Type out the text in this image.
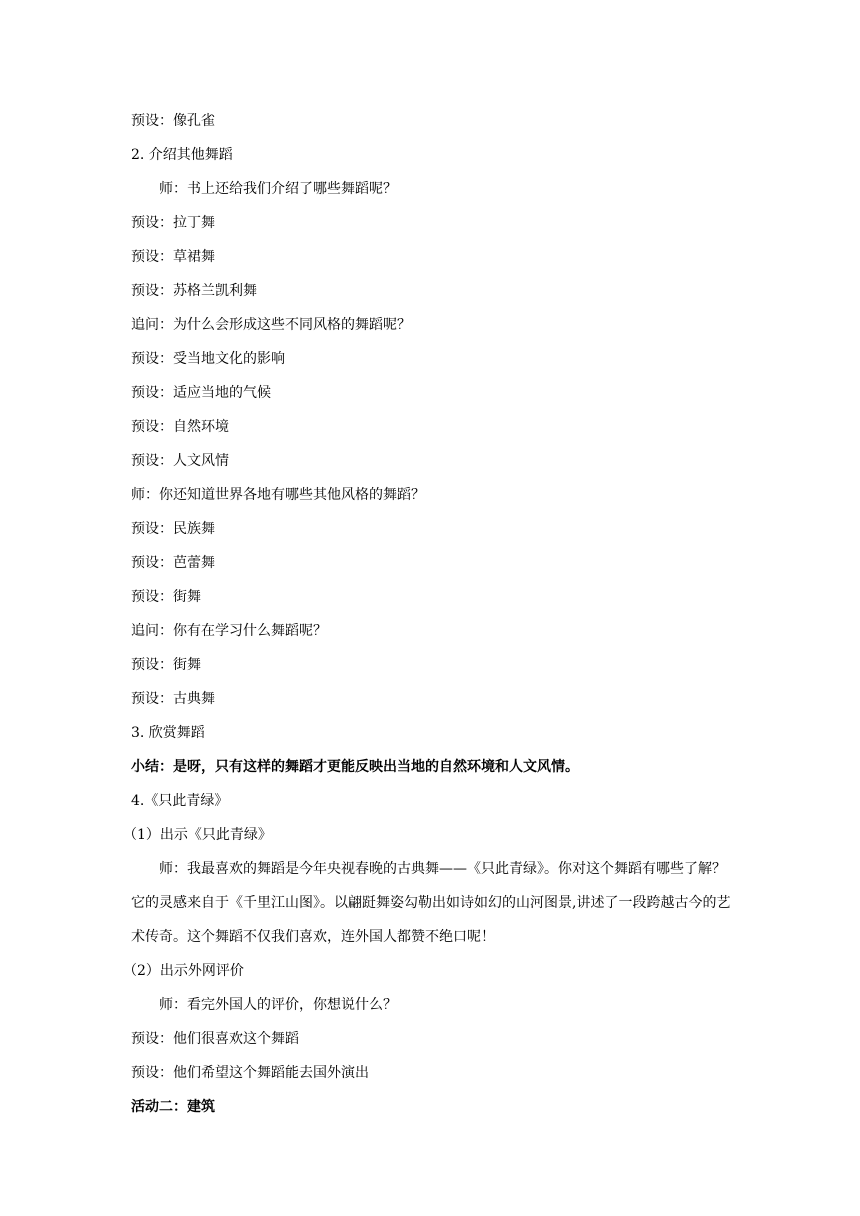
预设：像孔雀
2. 介绍其他舞蹈
师：书上还给我们介绍了哪些舞蹈呢？
预设：拉丁舞
预设：草裙舞
预设：苏格兰凯利舞
追问：为什么会形成这些不同风格的舞蹈呢？
预设：受当地文化的影响
预设：适应当地的气候
预设：自然环境
预设：人文风情
师：你还知道世界各地有哪些其他风格的舞蹈？
预设：民族舞
预设：芭蕾舞
预设：街舞
追问：你有在学习什么舞蹈呢？
预设：街舞
预设：古典舞
3. 欣赏舞蹈
小结：是呀，只有这样的舞蹈才更能反映出当地的自然环境和人文风情。
4.《只此青绿》
（1）出示《只此青绿》
师：我最喜欢的舞蹈是今年央视春晚的古典舞——《只此青绿》。你对这个舞蹈有哪些了解？它的灵感来自于《千里江山图》。以翩跹舞姿勾勒出如诗如幻的山河图景,讲述了一段跨越古今的艺术传奇。这个舞蹈不仅我们喜欢，连外国人都赞不绝口呢！
（2）出示外网评价
师：看完外国人的评价，你想说什么？
预设：他们很喜欢这个舞蹈
预设：他们希望这个舞蹈能去国外演出
活动二：建筑
